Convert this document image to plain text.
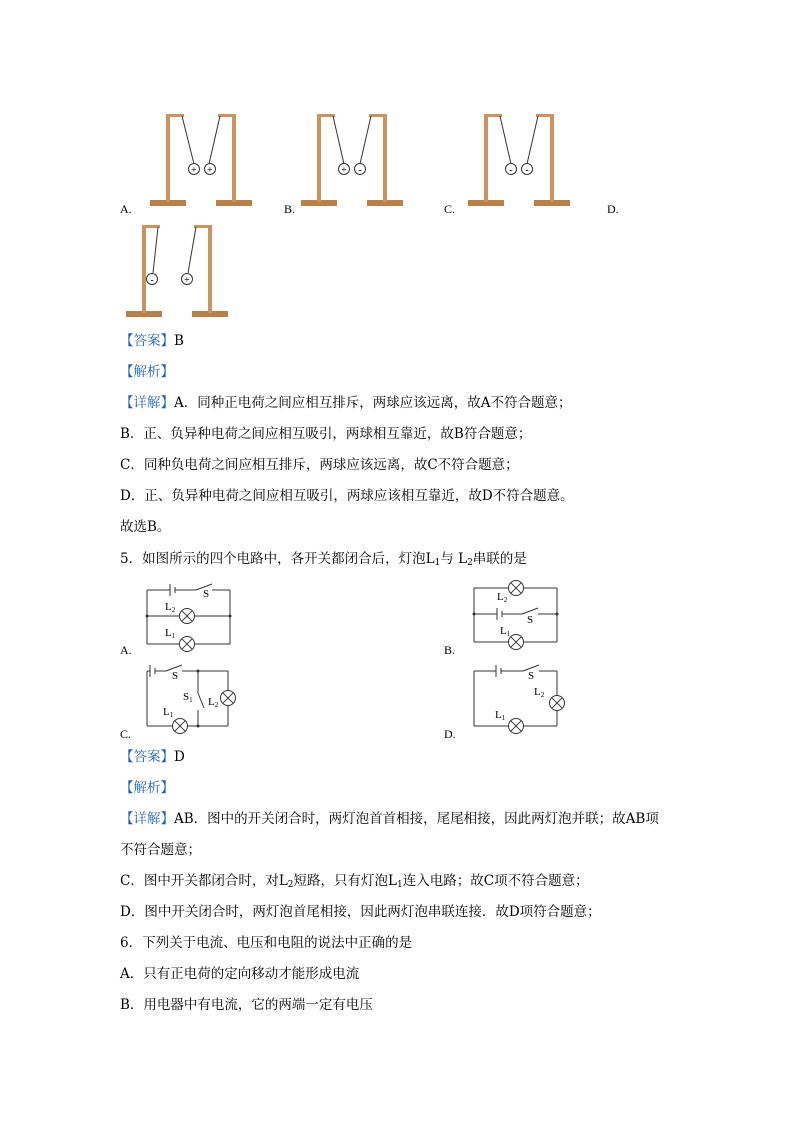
+ +	+ -	- -
-	+
A.	B.	C.	D.
【答案】B
【解析】
【详解】A．同种正电荷之间应相互排斥，两球应该远离，故A不符合题意；
B．正、负异种电荷之间应相互吸引，两球相互靠近，故B符合题意；
C．同种负电荷之间应相互排斥，两球应该远离，故C不符合题意；
D．正、负异种电荷之间应相互吸引，两球应该相互靠近，故D不符合题意。
故选B。
5．如图所示的四个电路中，各开关都闭合后，灯泡$L_1$与 $L_2$串联的是
S
L2
L1
L2
S
L1
S
S1 L2
L1
S
L2
L1
A.	B.
C.	D.
【答案】D
【解析】
【详解】AB．图中的开关闭合时，两灯泡首首相接，尾尾相接，因此两灯泡并联；故AB项
不符合题意；
C．图中开关都闭合时，对$L_2$短路，只有灯泡$L_1$连入电路；故C项不符合题意；
D．图中开关闭合时，两灯泡首尾相接，因此两灯泡串联连接．故D项符合题意；
6．下列关于电流、电压和电阻的说法中正确的是
A．只有正电荷的定向移动才能形成电流
B．用电器中有电流，它的两端一定有电压
